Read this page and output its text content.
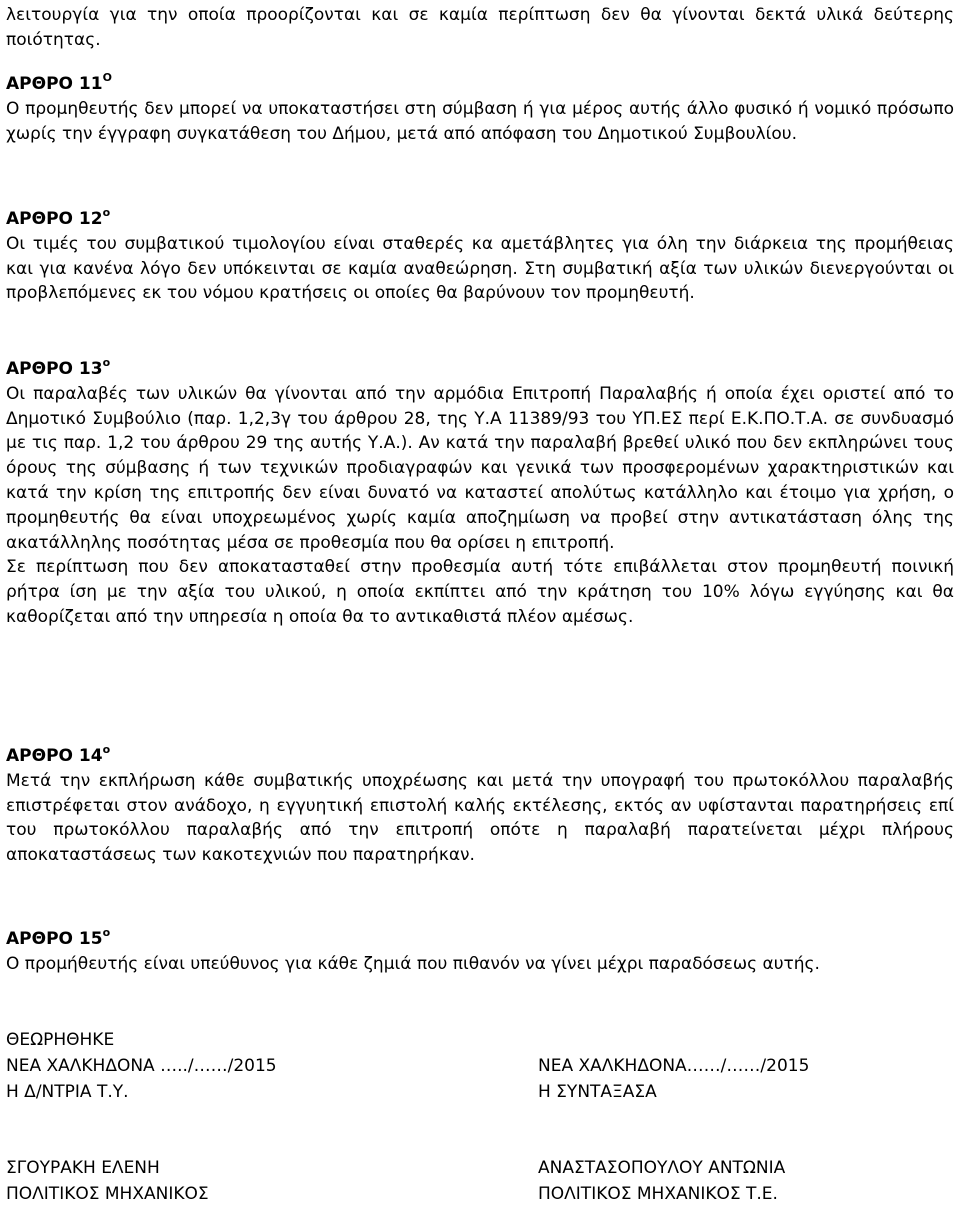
λειτουργία για την οποία προορίζονται και σε καμία περίπτωση δεν θα γίνονται δεκτά υλικά δεύτερης ποιότητας.

ΑΡΘΡΟ $11^O$

Ο προμηθευτής δεν μπορεί να υποκαταστήσει στη σύμβαση ή για μέρος αυτής άλλο φυσικό ή νομικό πρόσωπο χωρίς την έγγραφη συγκατάθεση του Δήμου, μετά από απόφαση του Δημοτικού Συμβουλίου.

ΑΡΘΡΟ $12^o$

Οι τιμές του συμβατικού τιμολογίου είναι σταθερές κα αμετάβλητες για όλη την διάρκεια της προμήθειας και για κανένα λόγο δεν υπόκεινται σε καμία αναθεώρηση. Στη συμβατική αξία των υλικών διενεργούνται οι προβλεπόμενες εκ του νόμου κρατήσεις οι οποίες θα βαρύνουν τον προμηθευτή.

ΑΡΘΡΟ $13^o$

Οι παραλαβές των υλικών θα γίνονται από την αρμόδια Επιτροπή Παραλαβής ή οποία έχει οριστεί από το Δημοτικό Συμβούλιο (παρ. 1,2,3γ του άρθρου 28, της Υ.Α 11389/93 του ΥΠ.ΕΣ περί Ε.Κ.ΠΟ.Τ.Α. σε συνδυασμό με τις παρ. 1,2 του άρθρου 29 της αυτής Υ.Α.). Αν κατά την παραλαβή βρεθεί υλικό που δεν εκπληρώνει τους όρους της σύμβασης ή των τεχνικών προδιαγραφών και γενικά των προσφερομένων χαρακτηριστικών και κατά την κρίση της επιτροπής δεν είναι δυνατό να καταστεί απολύτως κατάλληλο και έτοιμο για χρήση, ο προμηθευτής θα είναι υποχρεωμένος χωρίς καμία αποζημίωση να προβεί στην αντικατάσταση όλης της ακατάλληλης ποσότητας μέσα σε προθεσμία που θα ορίσει η επιτροπή.

Σε περίπτωση που δεν αποκατασταθεί στην προθεσμία αυτή τότε επιβάλλεται στον προμηθευτή ποινική ρήτρα ίση με την αξία του υλικού, η οποία εκπίπτει από την κράτηση του 10% λόγω εγγύησης και θα καθορίζεται από την υπηρεσία η οποία θα το αντικαθιστά πλέον αμέσως.

ΑΡΘΡΟ $14^o$

Μετά την εκπλήρωση κάθε συμβατικής υποχρέωσης και μετά την υπογραφή του πρωτοκόλλου παραλαβής επιστρέφεται στον ανάδοχο, η εγγυητική επιστολή καλής εκτέλεσης, εκτός αν υφίστανται παρατηρήσεις επί του πρωτοκόλλου παραλαβής από την επιτροπή οπότε η παραλαβή παρατείνεται μέχρι πλήρους αποκαταστάσεως των κακοτεχνιών που παρατηρήκαν.

ΑΡΘΡΟ $15^o$

Ο προμήθευτής είναι υπεύθυνος για κάθε ζημιά που πιθανόν να γίνει μέχρι παραδόσεως αυτής.

ΘΕΩΡΗΘΗΚΕ
ΝΕΑ ΧΑΛΚΗΔΟΝΑ …../……/2015
Η Δ/ΝΤΡΙΑ Τ.Υ.
ΣΓΟΥΡΑΚΗ ΕΛΕΝΗ
ΠΟΛΙΤΙΚΟΣ ΜΗΧΑΝΙΚΟΣ
ΝΕΑ ΧΑΛΚΗΔΟΝΑ……/……/2015
Η ΣΥΝΤΑΞΑΣΑ
ΑΝΑΣΤΑΣΟΠΟΥΛΟΥ ΑΝΤΩΝΙΑ
ΠΟΛΙΤΙΚΟΣ ΜΗΧΑΝΙΚΟΣ Τ.Ε.
